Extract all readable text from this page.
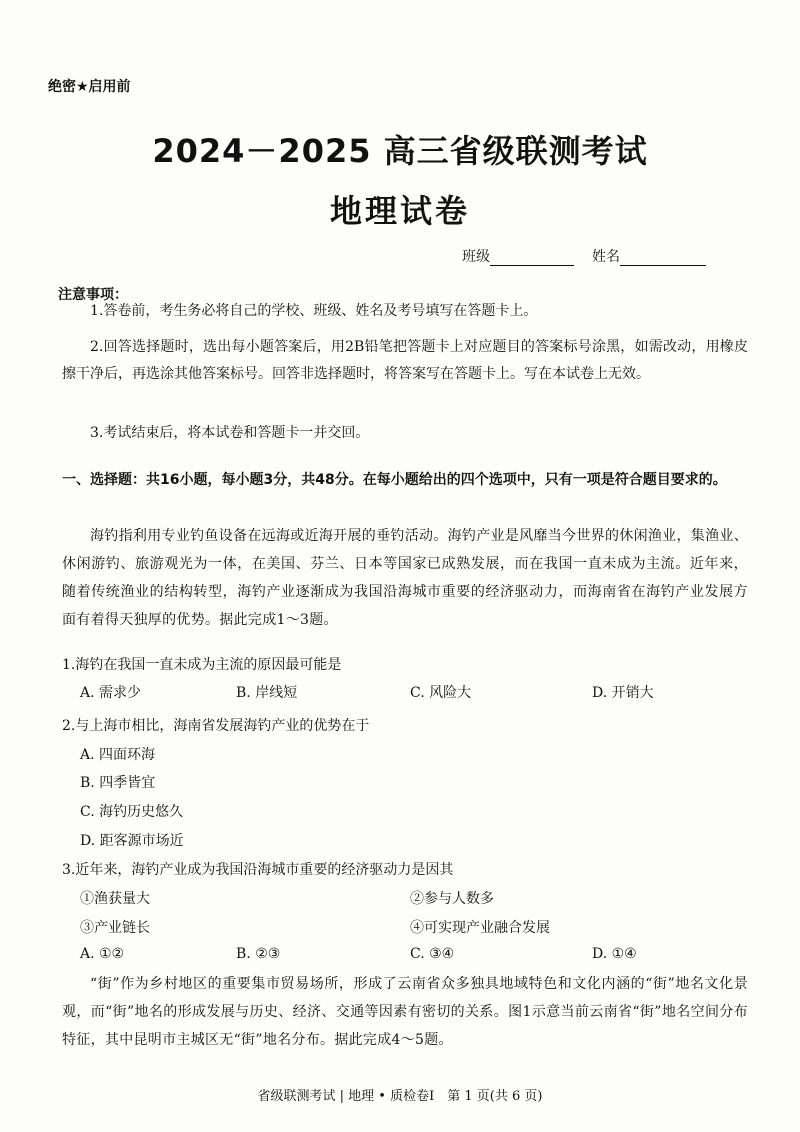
绝密★启用前
2024－2025 高三省级联测考试
地理试卷
班级	姓名
注意事项：
1.答卷前，考生务必将自己的学校、班级、姓名及考号填写在答题卡上。
2.回答选择题时，选出每小题答案后，用2B铅笔把答题卡上对应题目的答案标号涂黑，如需改动，用橡皮擦干净后，再选涂其他答案标号。回答非选择题时，将答案写在答题卡上。写在本试卷上无效。
3.考试结束后，将本试卷和答题卡一并交回。
一、选择题：共16小题，每小题3分，共48分。在每小题给出的四个选项中，只有一项是符合题目要求的。
海钓指利用专业钓鱼设备在远海或近海开展的垂钓活动。海钓产业是风靡当今世界的休闲渔业，集渔业、休闲游钓、旅游观光为一体，在美国、芬兰、日本等国家已成熟发展，而在我国一直未成为主流。近年来，随着传统渔业的结构转型，海钓产业逐渐成为我国沿海城市重要的经济驱动力，而海南省在海钓产业发展方面有着得天独厚的优势。据此完成1～3题。
1.海钓在我国一直未成为主流的原因最可能是
A. 需求少	B. 岸线短	C. 风险大	D. 开销大
2.与上海市相比，海南省发展海钓产业的优势在于
A. 四面环海
B. 四季皆宜
C. 海钓历史悠久
D. 距客源市场近
3.近年来，海钓产业成为我国沿海城市重要的经济驱动力是因其
①渔获量大	②参与人数多
③产业链长	④可实现产业融合发展
A. ①②	B. ②③	C. ③④	D. ①④
“街”作为乡村地区的重要集市贸易场所，形成了云南省众多独具地域特色和文化内涵的“街”地名文化景观，而“街”地名的形成发展与历史、经济、交通等因素有密切的关系。图1示意当前云南省“街”地名空间分布特征，其中昆明市主城区无“街”地名分布。据此完成4～5题。
省级联测考试 | 地理 • 质检卷Ⅰ　第 1 页(共 6 页)
